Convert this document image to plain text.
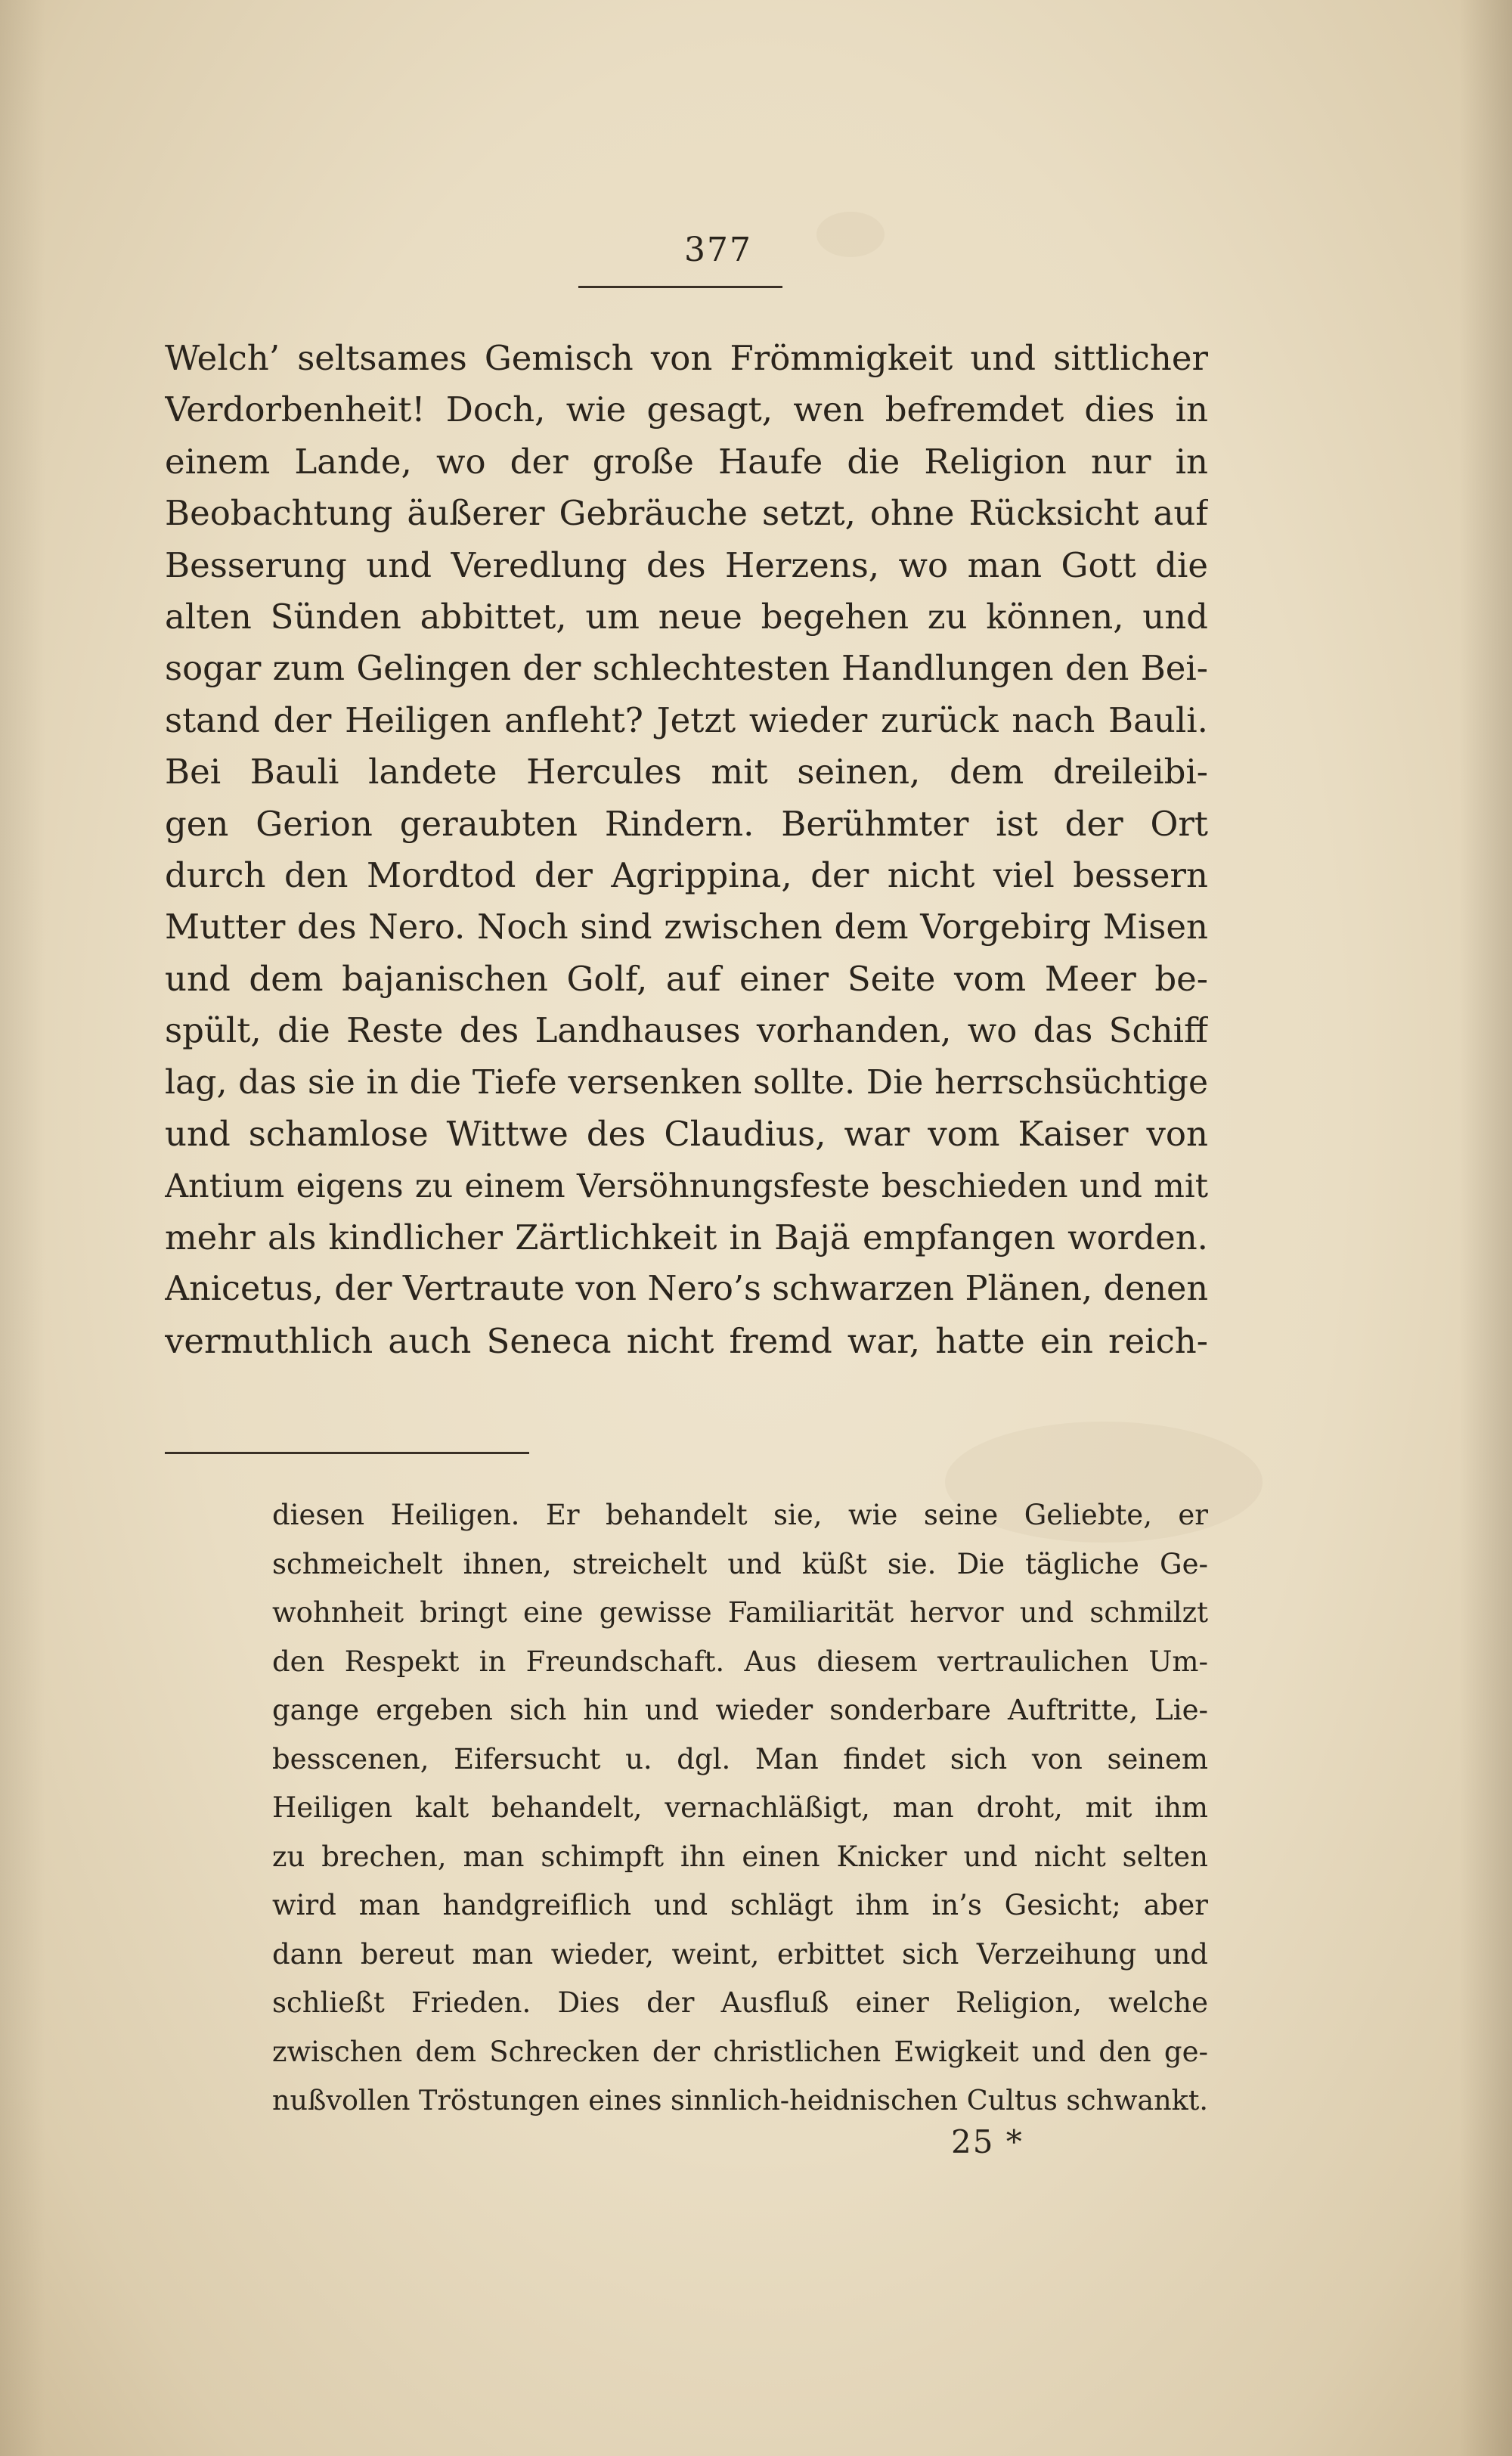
377
Welch’ seltsames Gemisch von Frömmigkeit und sittlicher
Verdorbenheit! Doch, wie gesagt, wen befremdet dies in
einem Lande, wo der große Haufe die Religion nur in
Beobachtung äußerer Gebräuche setzt, ohne Rücksicht auf
Besserung und Veredlung des Herzens, wo man Gott die
alten Sünden abbittet, um neue begehen zu können, und
sogar zum Gelingen der schlechtesten Handlungen den Bei-
stand der Heiligen anfleht? Jetzt wieder zurück nach Bauli.
Bei Bauli landete Hercules mit seinen, dem dreileibi-
gen Gerion geraubten Rindern. Berühmter ist der Ort
durch den Mordtod der Agrippina, der nicht viel bessern
Mutter des Nero. Noch sind zwischen dem Vorgebirg Misen
und dem bajanischen Golf, auf einer Seite vom Meer be-
spült, die Reste des Landhauses vorhanden, wo das Schiff
lag, das sie in die Tiefe versenken sollte. Die herrschsüchtige
und schamlose Wittwe des Claudius, war vom Kaiser von
Antium eigens zu einem Versöhnungsfeste beschieden und mit
mehr als kindlicher Zärtlichkeit in Bajä empfangen worden.
Anicetus, der Vertraute von Nero’s schwarzen Plänen, denen
vermuthlich auch Seneca nicht fremd war, hatte ein reich-
diesen Heiligen. Er behandelt sie, wie seine Geliebte, er
schmeichelt ihnen, streichelt und küßt sie. Die tägliche Ge-
wohnheit bringt eine gewisse Familiarität hervor und schmilzt
den Respekt in Freundschaft. Aus diesem vertraulichen Um-
gange ergeben sich hin und wieder sonderbare Auftritte, Lie-
besscenen, Eifersucht u. dgl. Man findet sich von seinem
Heiligen kalt behandelt, vernachläßigt, man droht, mit ihm
zu brechen, man schimpft ihn einen Knicker und nicht selten
wird man handgreiflich und schlägt ihm in’s Gesicht; aber
dann bereut man wieder, weint, erbittet sich Verzeihung und
schließt Frieden. Dies der Ausfluß einer Religion, welche
zwischen dem Schrecken der christlichen Ewigkeit und den ge-
nußvollen Tröstungen eines sinnlich-heidnischen Cultus schwankt.
25 *
